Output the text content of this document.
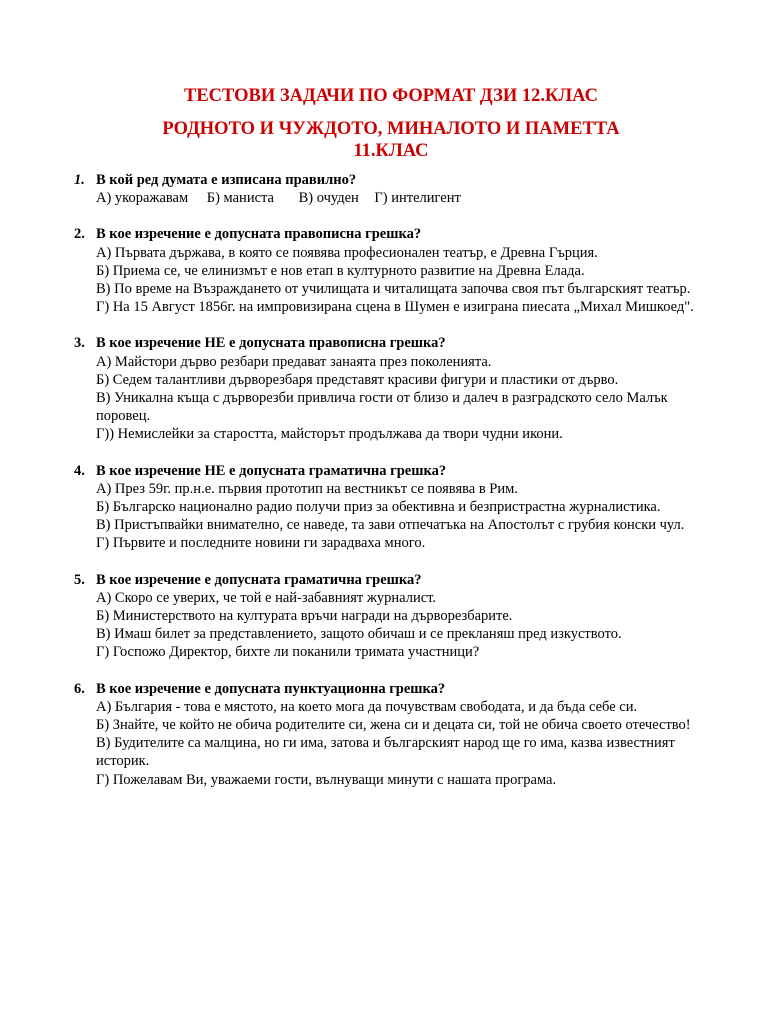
ТЕСТОВИ ЗАДАЧИ ПО ФОРМАТ ДЗИ 12.КЛАС
РОДНОТО И ЧУЖДОТО, МИНАЛОТО И ПАМЕТТА
11.КЛАС
1. В кой ред думата е изписана правилно?
А) укоражавам Б) маниста В) очуден Г) интелигент
2. В кое изречение е допусната правописна грешка?
А) Първата държава, в която се появява професионален театър, е Древна Гърция.
Б) Приема се, че елинизмът е нов етап в културното развитие на Древна Елада.
В) По време на Възраждането от училищата и читалищата започва своя път българският театър.
Г) На 15 Август 1856г. на импровизирана сцена в Шумен е изиграна пиесата „Михал Мишкоед".
3. В кое изречение НЕ е допусната правописна грешка?
А) Майстори дърво резбари предават занаята през поколенията.
Б) Седем талантливи дърворезбаря представят красиви фигури и пластики от дърво.
В) Уникална къща с дърворезби привлича гости от близо и далеч в разградското село Малък поровец.
Г)) Немислейки за старостта, майсторът продължава да твори чудни икони.
4. В кое изречение НЕ е допусната граматична грешка?
А) През 59г. пр.н.е. първия прототип на вестникът се появява в Рим.
Б) Българско национално радио получи приз за обективна и безпристрастна журналистика.
В) Пристъпвайки внимателно, се наведе, та зави отпечатъка на Апостолът с грубия конски чул.
Г) Първите и последните новини ги зарадваха много.
5. В кое изречение е допусната граматична грешка?
А) Скоро се уверих, че той е най-забавният журналист.
Б) Министерството на културата връчи награди на дърворезбарите.
В) Имаш билет за представлението, защото обичаш и се прекланяш пред изкуството.
Г) Госпожо Директор, бихте ли поканили тримата участници?
6. В кое изречение е допусната пунктуационна грешка?
А) България - това е мястото, на което мога да почувствам свободата, и да бъда себе си.
Б) Знайте, че който не обича родителите си, жена си и децата си, той не обича своето отечество!
В) Будителите са малцина, но ги има, затова и българският народ ще го има, казва известният историк.
Г) Пожелавам Ви, уважаеми гости, вълнуващи минути с нашата програма.
